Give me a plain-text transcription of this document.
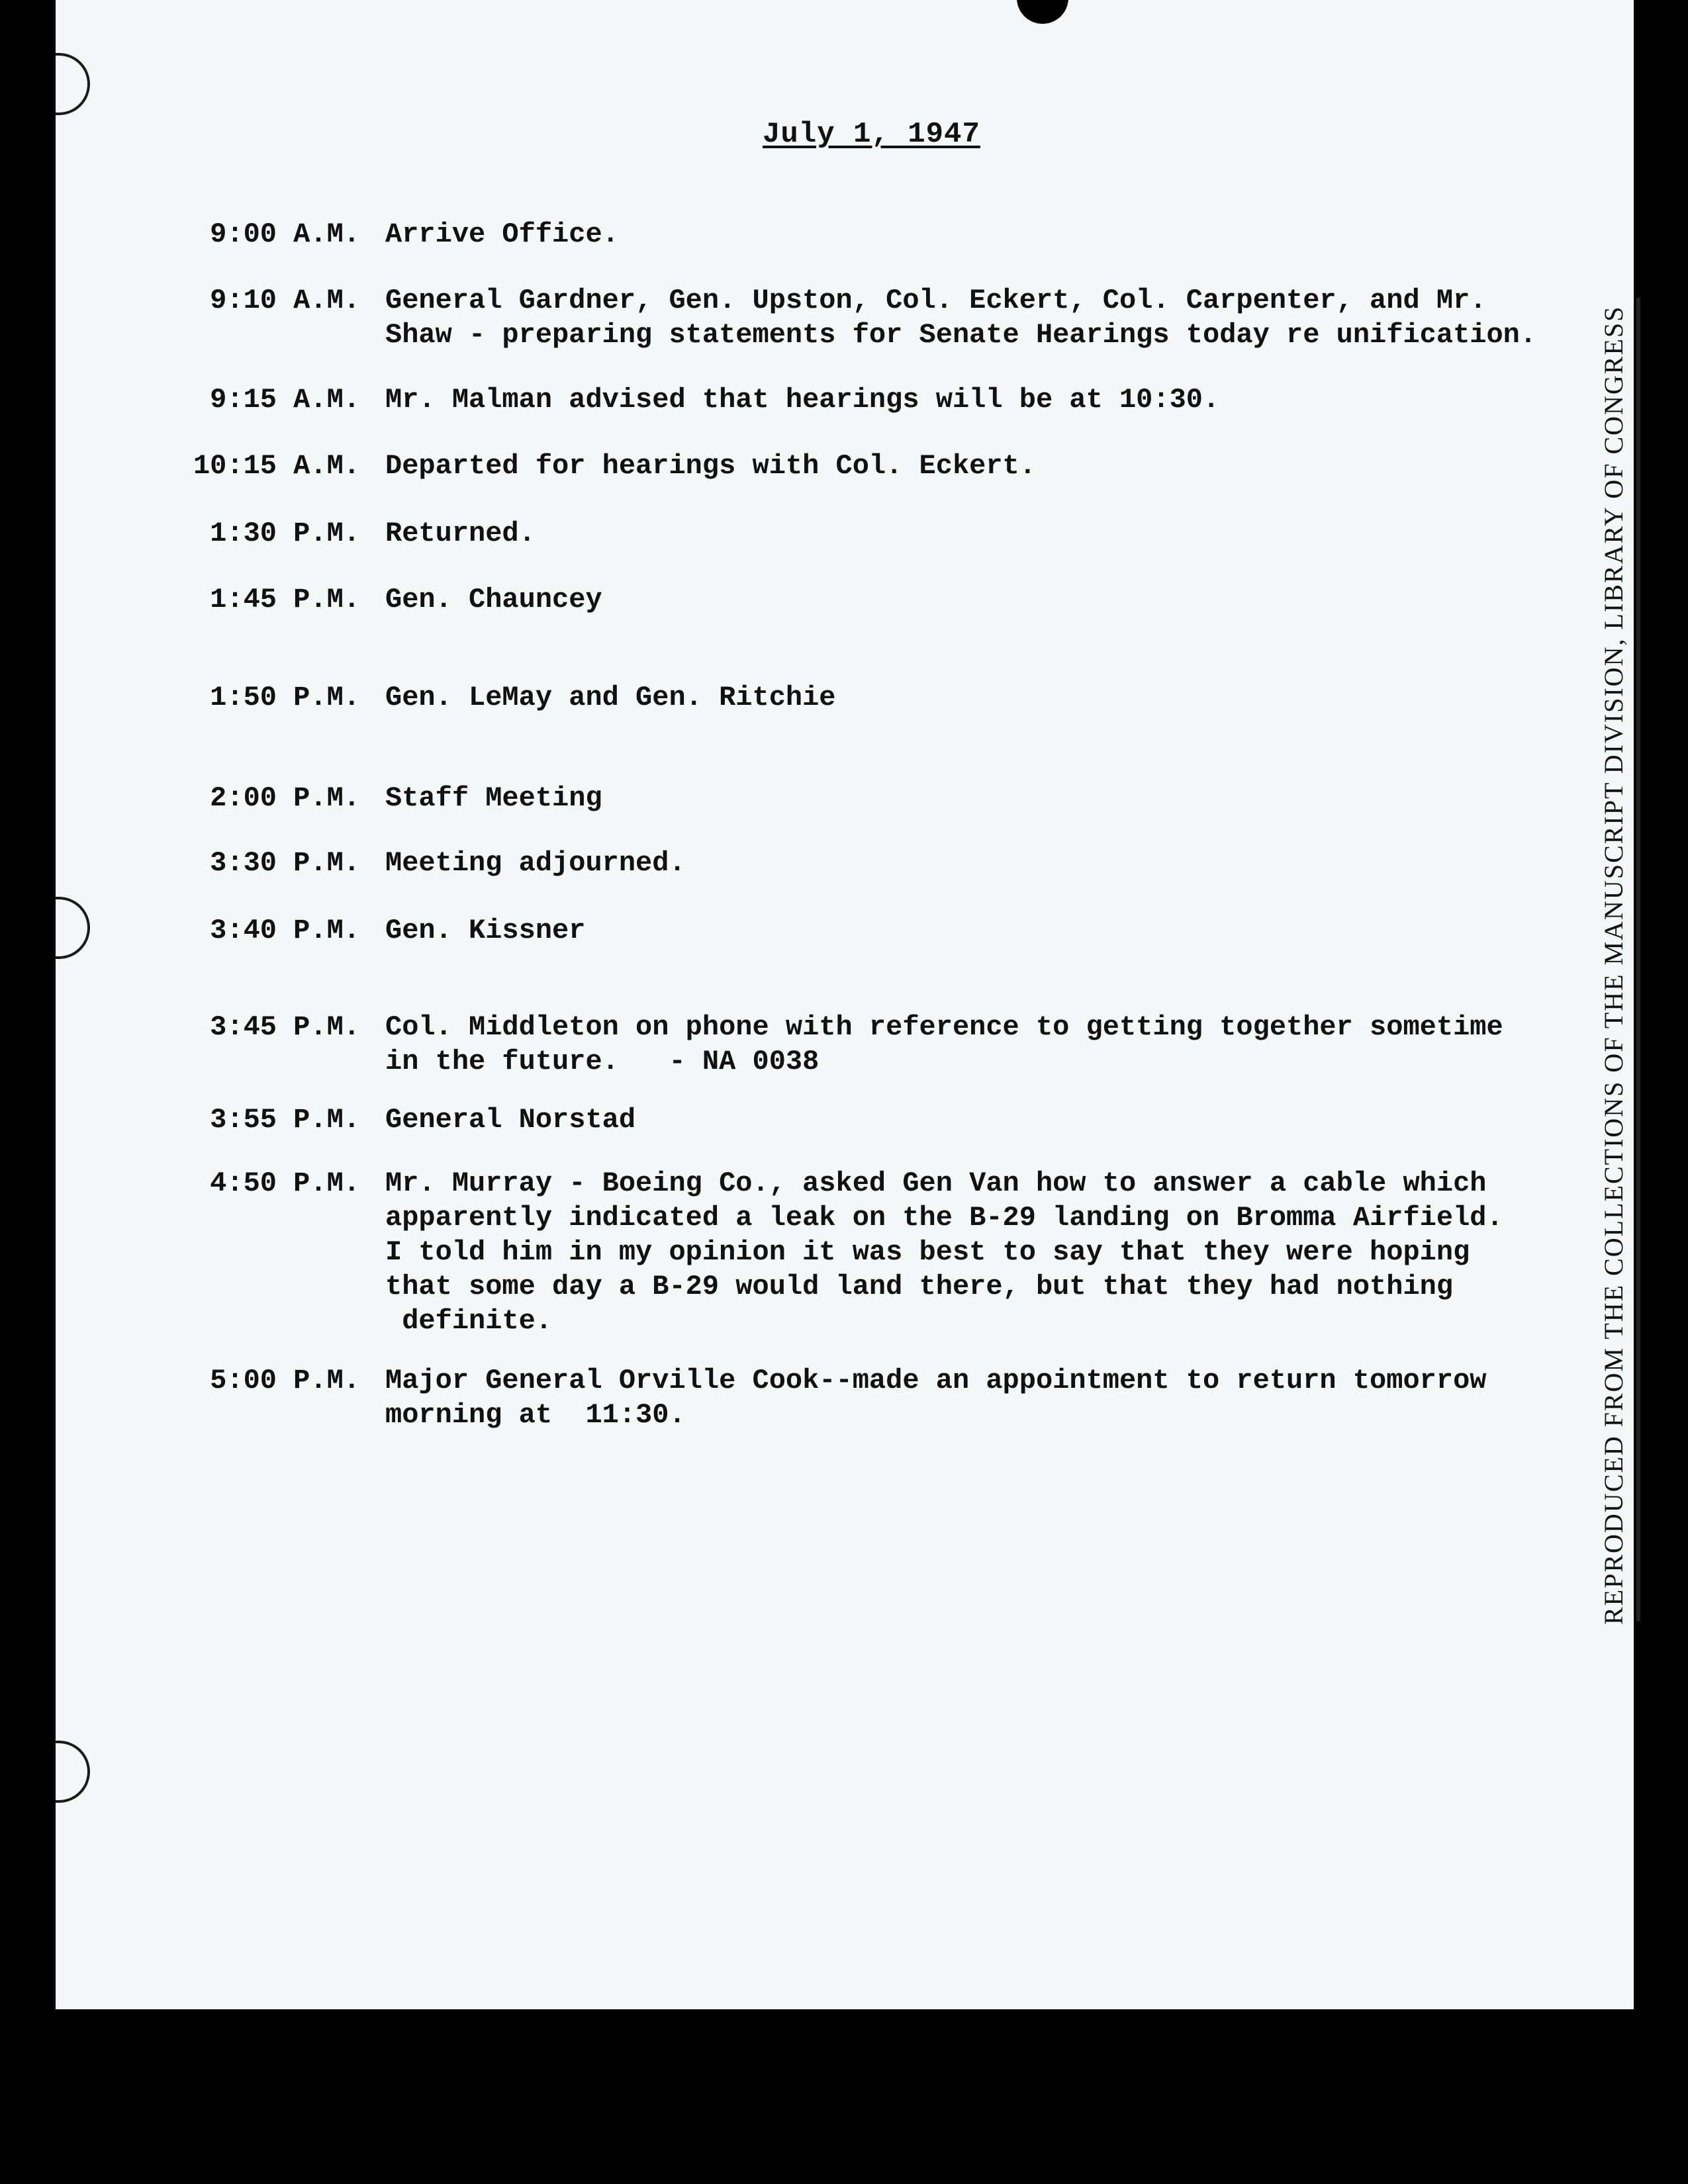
July 1, 1947
9:00 A.M. Arrive Office.
9:10 A.M. General Gardner, Gen. Upston, Col. Eckert, Col. Carpenter, and Mr.
Shaw - preparing statements for Senate Hearings today re unification.
9:15 A.M. Mr. Malman advised that hearings will be at 10:30.
10:15 A.M. Departed for hearings with Col. Eckert.
1:30 P.M. Returned.
1:45 P.M. Gen. Chauncey
1:50 P.M. Gen. LeMay and Gen. Ritchie
2:00 P.M. Staff Meeting
3:30 P.M. Meeting adjourned.
3:40 P.M. Gen. Kissner
3:45 P.M. Col. Middleton on phone with reference to getting together sometime
in the future.   - NA 0038
3:55 P.M. General Norstad
4:50 P.M. Mr. Murray - Boeing Co., asked Gen Van how to answer a cable which
apparently indicated a leak on the B-29 landing on Bromma Airfield.
I told him in my opinion it was best to say that they were hoping
that some day a B-29 would land there, but that they had nothing
definite.
5:00 P.M. Major General Orville Cook--made an appointment to return tomorrow
morning at  11:30.	REPRODUCED FROM THE COLLECTIONS OF THE MANUSCRIPT DIVISION, LIBRARY OF CONGRESS
